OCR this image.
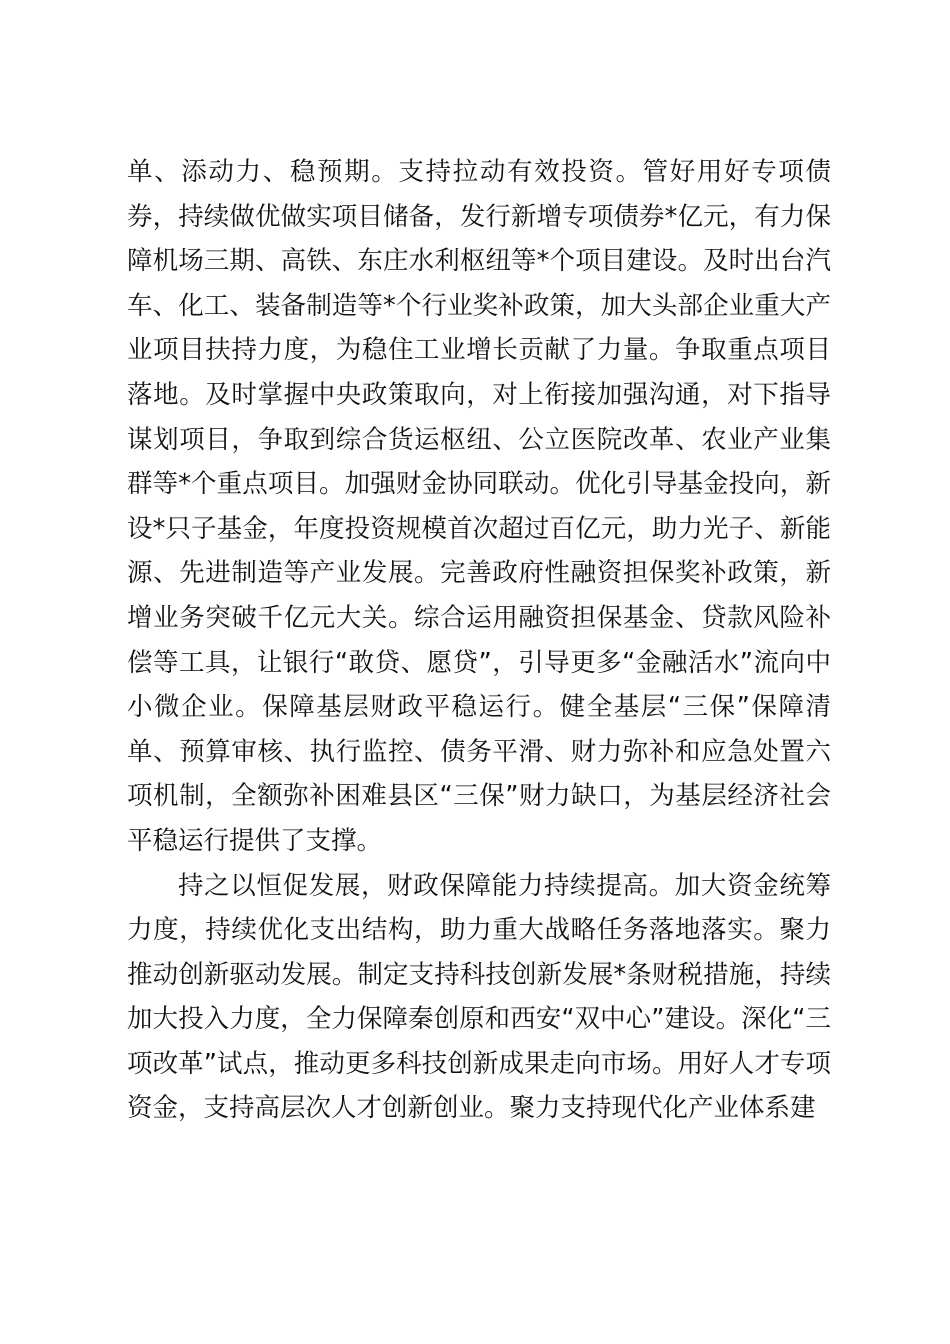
单、添动力、稳预期。支持拉动有效投资。管好用好专项债券，持续做优做实项目储备，发行新增专项债券*亿元，有力保障机场三期、高铁、东庄水利枢纽等*个项目建设。及时出台汽车、化工、装备制造等*个行业奖补政策，加大头部企业重大产业项目扶持力度，为稳住工业增长贡献了力量。争取重点项目落地。及时掌握中央政策取向，对上衔接加强沟通，对下指导谋划项目，争取到综合货运枢纽、公立医院改革、农业产业集群等*个重点项目。加强财金协同联动。优化引导基金投向，新设*只子基金，年度投资规模首次超过百亿元，助力光子、新能源、先进制造等产业发展。完善政府性融资担保奖补政策，新增业务突破千亿元大关。综合运用融资担保基金、贷款风险补偿等工具，让银行“敢贷、愿贷”，引导更多“金融活水”流向中小微企业。保障基层财政平稳运行。健全基层“三保”保障清单、预算审核、执行监控、债务平滑、财力弥补和应急处置六项机制，全额弥补困难县区“三保”财力缺口，为基层经济社会平稳运行提供了支撑。

持之以恒促发展，财政保障能力持续提高。加大资金统筹力度，持续优化支出结构，助力重大战略任务落地落实。聚力推动创新驱动发展。制定支持科技创新发展*条财税措施，持续加大投入力度，全力保障秦创原和西安“双中心”建设。深化“三项改革”试点，推动更多科技创新成果走向市场。用好人才专项资金，支持高层次人才创新创业。聚力支持现代化产业体系建
